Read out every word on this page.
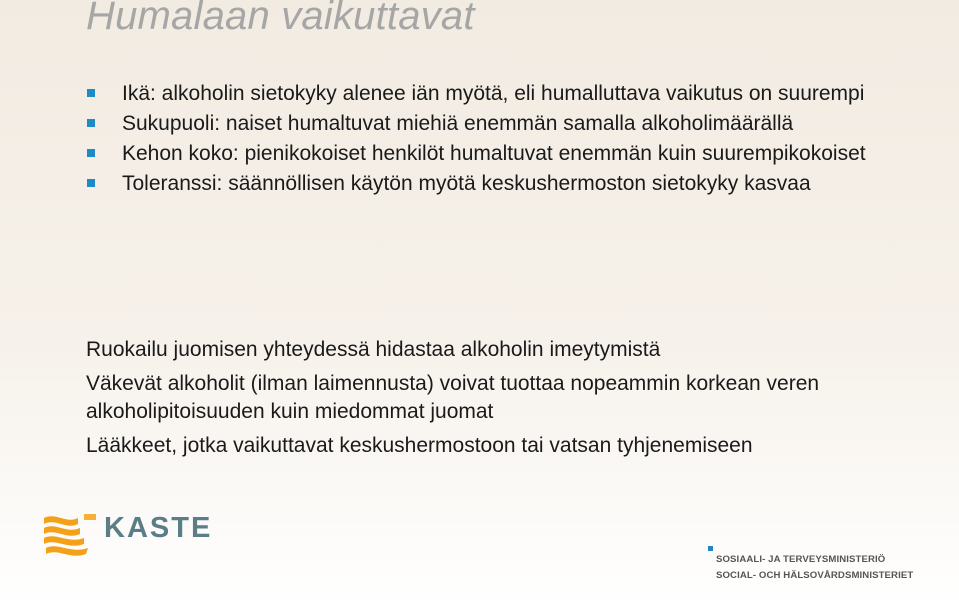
Humalaan vaikuttavat
Ikä: alkoholin sietokyky alenee iän myötä, eli humalluttava vaikutus on suurempi
Sukupuoli: naiset humaltuvat miehiä enemmän samalla alkoholimäärällä
Kehon koko: pienikokoiset henkilöt humaltuvat enemmän kuin suurempikokoiset
Toleranssi: säännöllisen käytön myötä keskushermoston sietokyky kasvaa
Ruokailu juomisen yhteydessä hidastaa alkoholin imeytymistä
Väkevät alkoholit (ilman laimennusta) voivat tuottaa nopeammin korkean veren alkoholipitoisuuden kuin miedommat juomat
Lääkkeet, jotka vaikuttavat keskushermostoon tai vatsan tyhjenemiseen
KASTE
SOSIAALI- JA TERVEYSMINISTERIÖ
SOCIAL- OCH HÄLSOVÅRDSMINISTERIET
